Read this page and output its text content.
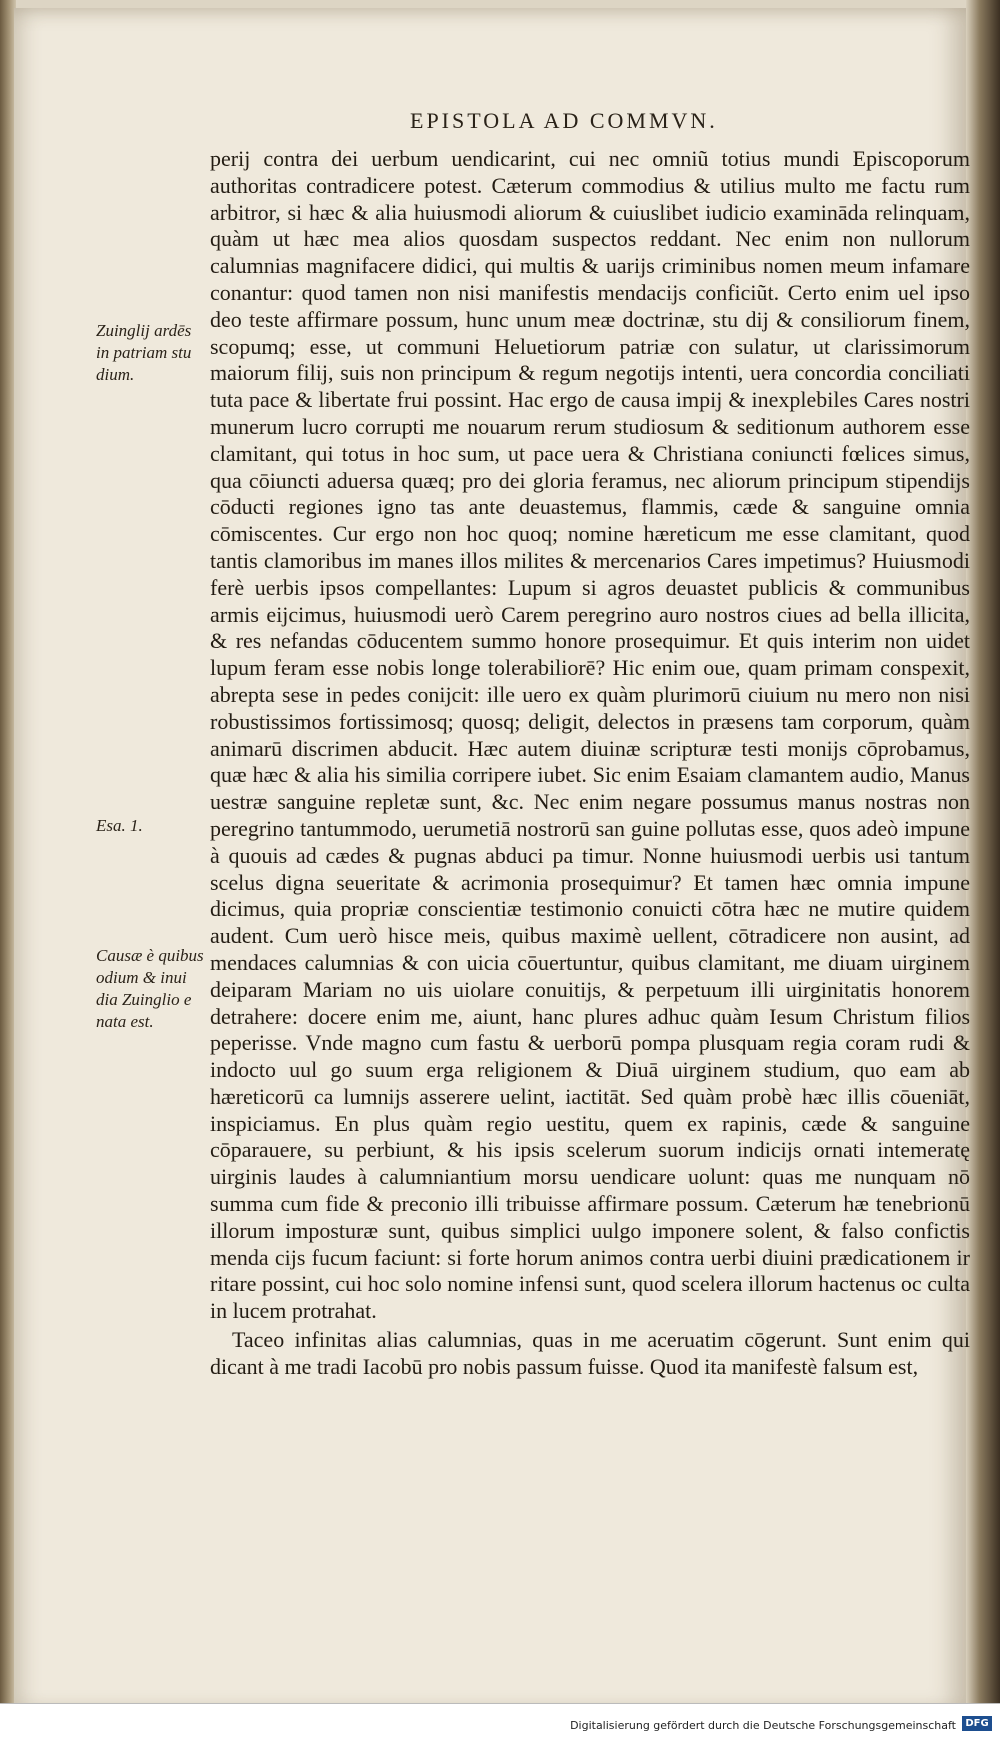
EPISTOLA AD COMMVN.

perij contra dei uerbum uendicarint, cui nec omniũ totius mundi Episcoporum authoritas contradicere potest. Cæterum commodius & utilius multo me factu rum arbitror, si hæc & alia huiusmodi aliorum & cuiuslibet iudicio examināda relinquam, quàm ut hæc mea alios quosdam suspectos reddant. Nec enim non nullorum calumnias magnifacere didici, qui multis & uarijs criminibus nomen meum infamare conantur: quod tamen non nisi manifestis mendacijs conficiũt. Certo enim uel ipso deo teste affirmare possum, hunc unum meæ doctrinæ, stu dij & consiliorum finem, scopumq; esse, ut communi Heluetiorum patriæ con sulatur, ut clarissimorum maiorum filij, suis non principum & regum negotijs intenti, uera concordia conciliati tuta pace & libertate frui possint. Hac ergo de causa impij & inexplebiles Cares nostri munerum lucro corrupti me nouarum rerum studiosum & seditionum authorem esse clamitant, qui totus in hoc sum, ut pace uera & Christiana coniuncti fœlices simus, qua cōiuncti aduersa quæq; pro dei gloria feramus, nec aliorum principum stipendijs cōducti regiones igno tas ante deuastemus, flammis, cæde & sanguine omnia cōmiscentes. Cur ergo non hoc quoq; nomine hæreticum me esse clamitant, quod tantis clamoribus im manes illos milites & mercenarios Cares impetimus? Huiusmodi ferè uerbis ipsos compellantes: Lupum si agros deuastet publicis & communibus armis eijcimus, huiusmodi uerò Carem peregrino auro nostros ciues ad bella illicita, & res nefandas cōducentem summo honore prosequimur. Et quis interim non uidet lupum feram esse nobis longe tolerabiliorē? Hic enim oue, quam primam conspexit, abrepta sese in pedes conijcit: ille uero ex quàm plurimorū ciuium nu mero non nisi robustissimos fortissimosq; quosq; deligit, delectos in præsens tam corporum, quàm animarū discrimen abducit. Hæc autem diuinæ scripturæ testi monijs cōprobamus, quæ hæc & alia his similia corripere iubet. Sic enim Esaiam clamantem audio, Manus uestræ sanguine repletæ sunt, &c. Nec enim negare possumus manus nostras non peregrino tantummodo, uerumetiā nostrorū san guine pollutas esse, quos adeò impune à quouis ad cædes & pugnas abduci pa timur. Nonne huiusmodi uerbis usi tantum scelus digna seueritate & acrimonia prosequimur? Et tamen hæc omnia impune dicimus, quia propriæ conscientiæ testimonio conuicti cōtra hæc ne mutire quidem audent. Cum uerò hisce meis, quibus maximè uellent, cōtradicere non ausint, ad mendaces calumnias & con uicia cōuertuntur, quibus clamitant, me diuam uirginem deiparam Mariam no uis uiolare conuitijs, & perpetuum illi uirginitatis honorem detrahere: docere enim me, aiunt, hanc plures adhuc quàm Iesum Christum filios peperisse. Vnde magno cum fastu & uerborū pompa plusquam regia coram rudi & indocto uul go suum erga religionem & Diuā uirginem studium, quo eam ab hæreticorū ca lumnijs asserere uelint, iactitāt. Sed quàm probè hæc illis cōueniāt, inspiciamus. En plus quàm regio uestitu, quem ex rapinis, cæde & sanguine cōparauere, su perbiunt, & his ipsis scelerum suorum indicijs ornati intemeratę uirginis laudes à calumniantium morsu uendicare uolunt: quas me nunquam nō summa cum fide & preconio illi tribuisse affirmare possum. Cæterum hæ tenebrionū illorum imposturæ sunt, quibus simplici uulgo imponere solent, & falso confictis menda cijs fucum faciunt: si forte horum animos contra uerbi diuini prædicationem ir ritare possint, cui hoc solo nomine infensi sunt, quod scelera illorum hactenus oc culta in lucem protrahat.

Taceo infinitas alias calumnias, quas in me aceruatim cōgerunt. Sunt enim qui dicant à me tradi Iacobū pro nobis passum fuisse. Quod ita manifestè falsum est,

Zuinglij ardēs in patriam stu dium.
Esa. 1.
Causæ è quibus odium & inui dia Zuinglio e nata est.
Digitalisierung gefördert durch die Deutsche Forschungsgemeinschaft DFG
